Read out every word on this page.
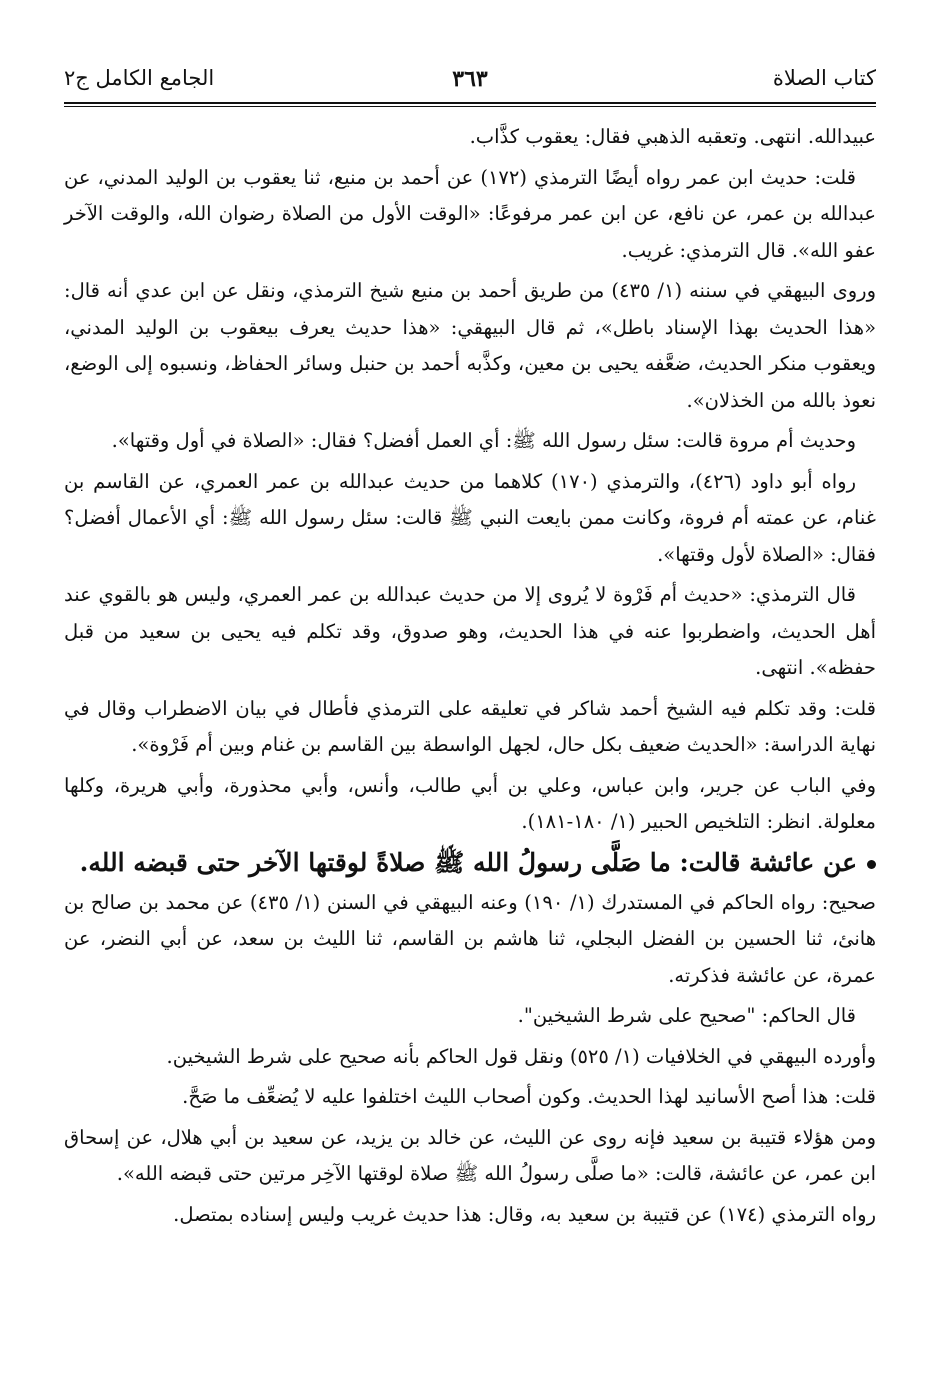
كتاب الصلاة
٣٦٣
الجامع الكامل ج٢

عبيدالله. انتهى. وتعقبه الذهبي فقال: يعقوب كذَّاب.

قلت: حديث ابن عمر رواه أيضًا الترمذي (١٧٢) عن أحمد بن منيع، ثنا يعقوب بن الوليد المدني، عن عبدالله بن عمر، عن نافع، عن ابن عمر مرفوعًا: «الوقت الأول من الصلاة رضوان الله، والوقت الآخر عفو الله». قال الترمذي: غريب.

وروى البيهقي في سننه (١/ ٤٣٥) من طريق أحمد بن منيع شيخ الترمذي، ونقل عن ابن عدي أنه قال: «هذا الحديث بهذا الإسناد باطل»، ثم قال البيهقي: «هذا حديث يعرف بيعقوب بن الوليد المدني، ويعقوب منكر الحديث، ضعَّفه يحيى بن معين، وكذَّبه أحمد بن حنبل وسائر الحفاظ، ونسبوه إلى الوضع، نعوذ بالله من الخذلان».

وحديث أم مروة قالت: سئل رسول الله ﷺ: أي العمل أفضل؟ فقال: «الصلاة في أول وقتها».

رواه أبو داود (٤٢٦)، والترمذي (١٧٠) كلاهما من حديث عبدالله بن عمر العمري، عن القاسم بن غنام، عن عمته أم فروة، وكانت ممن بايعت النبي ﷺ قالت: سئل رسول الله ﷺ: أي الأعمال أفضل؟ فقال: «الصلاة لأول وقتها».

قال الترمذي: «حديث أم فَرْوة لا يُروى إلا من حديث عبدالله بن عمر العمري، وليس هو بالقوي عند أهل الحديث، واضطربوا عنه في هذا الحديث، وهو صدوق، وقد تكلم فيه يحيى بن سعيد من قبل حفظه». انتهى.

قلت: وقد تكلم فيه الشيخ أحمد شاكر في تعليقه على الترمذي فأطال في بيان الاضطراب وقال في نهاية الدراسة: «الحديث ضعيف بكل حال، لجهل الواسطة بين القاسم بن غنام وبين أم فَرْوة».

وفي الباب عن جرير، وابن عباس، وعلي بن أبي طالب، وأنس، وأبي محذورة، وأبي هريرة، وكلها معلولة. انظر: التلخيص الحبير (١/ ١٨٠-١٨١).

عن عائشة قالت: ما صَلَّى رسولُ الله ﷺ صلاةً لوقتها الآخر حتى قبضه الله.

صحيح: رواه الحاكم في المستدرك (١/ ١٩٠) وعنه البيهقي في السنن (١/ ٤٣٥) عن محمد بن صالح بن هانئ، ثنا الحسين بن الفضل البجلي، ثنا هاشم بن القاسم، ثنا الليث بن سعد، عن أبي النضر، عن عمرة، عن عائشة فذكرته.

قال الحاكم: "صحيح على شرط الشيخين".

وأورده البيهقي في الخلافيات (١/ ٥٢٥) ونقل قول الحاكم بأنه صحيح على شرط الشيخين.

قلت: هذا أصح الأسانيد لهذا الحديث. وكون أصحاب الليث اختلفوا عليه لا يُضعِّف ما صَحَّ.

ومن هؤلاء قتيبة بن سعيد فإنه روى عن الليث، عن خالد بن يزيد، عن سعيد بن أبي هلال، عن إسحاق ابن عمر، عن عائشة، قالت: «ما صلَّى رسولُ الله ﷺ صلاة لوقتها الآخِر مرتين حتى قبضه الله».

رواه الترمذي (١٧٤) عن قتيبة بن سعيد به، وقال: هذا حديث غريب وليس إسناده بمتصل.
